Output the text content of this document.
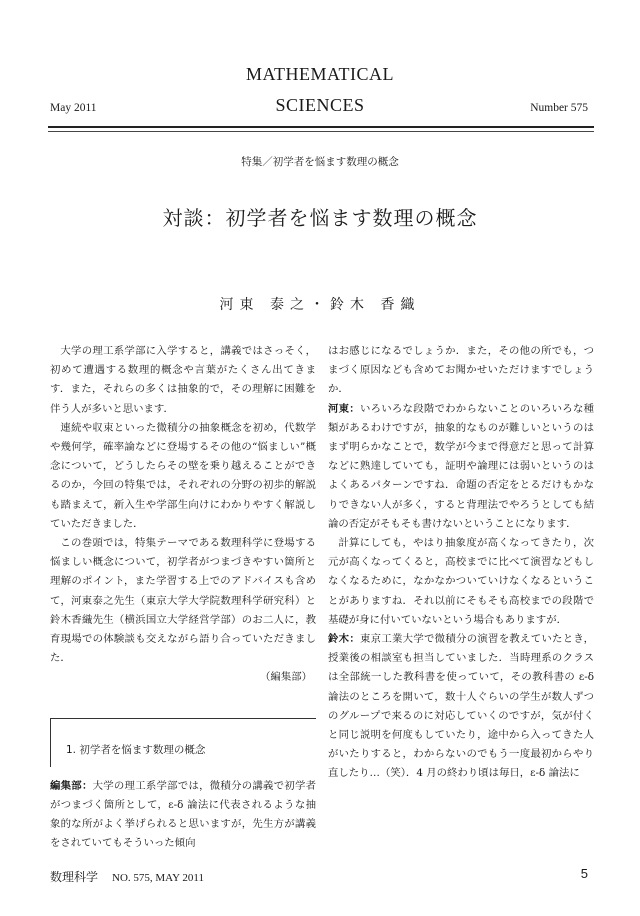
MATHEMATICAL
SCIENCES
May 2011	Number 575
特集／初学者を悩ます数理の概念
対談：初学者を悩ます数理の概念
河東 泰之・鈴木 香織

大学の理工系学部に入学すると，講義ではさっそく，初めて遭遇する数理的概念や言葉がたくさん出てきます．また，それらの多くは抽象的で，その理解に困難を伴う人が多いと思います．

連続や収束といった微積分の抽象概念を初め，代数学や幾何学，確率論などに登場するその他の“悩ましい”概念について，どうしたらその壁を乗り越えることができるのか，今回の特集では，それぞれの分野の初歩的解説も踏まえて，新入生や学部生向けにわかりやすく解説していただきました．

この巻頭では，特集テーマである数理科学に登場する悩ましい概念について，初学者がつまづきやすい箇所と理解のポイント，また学習する上でのアドバイスも含めて，河東泰之先生（東京大学大学院数理科学研究科）と鈴木香織先生（横浜国立大学経営学部）のお二人に，教育現場での体験談も交えながら語り合っていただきました．

（編集部）

1. 初学者を悩ます数理の概念

編集部：大学の理工系学部では，微積分の講義で初学者がつまづく箇所として，ε-δ 論法に代表されるような抽象的な所がよく挙げられると思いますが，先生方が講義をされていてもそういった傾向

はお感じになるでしょうか．また，その他の所でも，つまづく原因なども含めてお聞かせいただけますでしょうか．

河東：いろいろな段階でわからないことのいろいろな種類があるわけですが，抽象的なものが難しいというのはまず明らかなことで，数学が今まで得意だと思って計算などに熟達していても，証明や論理には弱いというのはよくあるパターンですね．命題の否定をとるだけもかなりできない人が多く，すると背理法でやろうとしても結論の否定がそもそも書けないということになります．

計算にしても，やはり抽象度が高くなってきたり，次元が高くなってくると，高校までに比べて演習などもしなくなるために，なかなかついていけなくなるということがありますね．それ以前にそもそも高校までの段階で基礎が身に付いていないという場合もありますが．

鈴木：東京工業大学で微積分の演習を教えていたとき，授業後の相談室も担当していました．当時理系のクラスは全部統一した教科書を使っていて，その教科書の ε-δ 論法のところを開いて，数十人ぐらいの学生が数人ずつのグループで来るのに対応していくのですが，気が付くと同じ説明を何度もしていたり，途中から入ってきた人がいたりすると，わからないのでもう一度最初からやり直したり…（笑）．4 月の終わり頃は毎日，ε-δ 論法に

数理科学 NO. 575, MAY 2011	5
